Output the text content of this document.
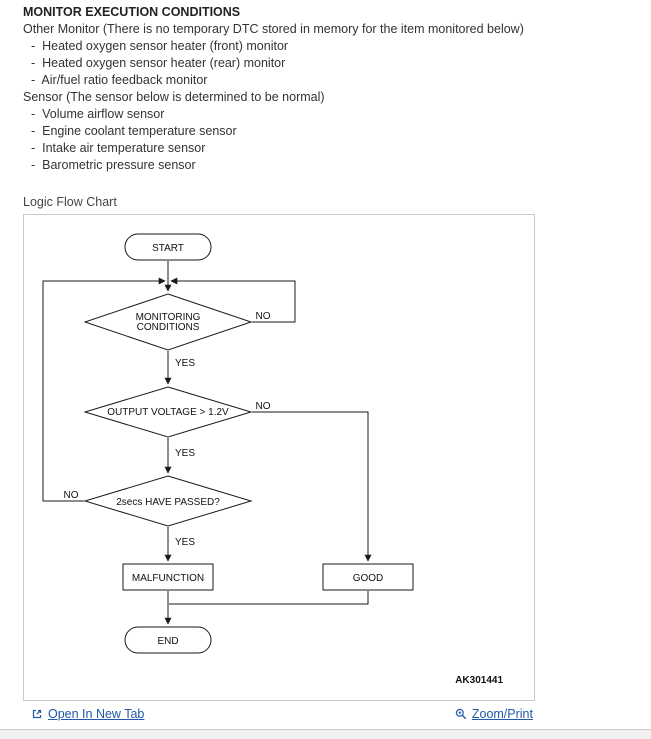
MONITOR EXECUTION CONDITIONS
Other Monitor (There is no temporary DTC stored in memory for the item monitored below)
- Heated oxygen sensor heater (front) monitor
- Heated oxygen sensor heater (rear) monitor
- Air/fuel ratio feedback monitor
Sensor (The sensor below is determined to be normal)
- Volume airflow sensor
- Engine coolant temperature sensor
- Intake air temperature sensor
- Barometric pressure sensor
Logic Flow Chart
START
MONITORING
CONDITIONS
OUTPUT VOLTAGE > 1.2V
2secs HAVE PASSED?
MALFUNCTION	GOOD
END
NO
YES
NO
YES
NO
YES
AK301441
Open In New Tab	Zoom/Print
